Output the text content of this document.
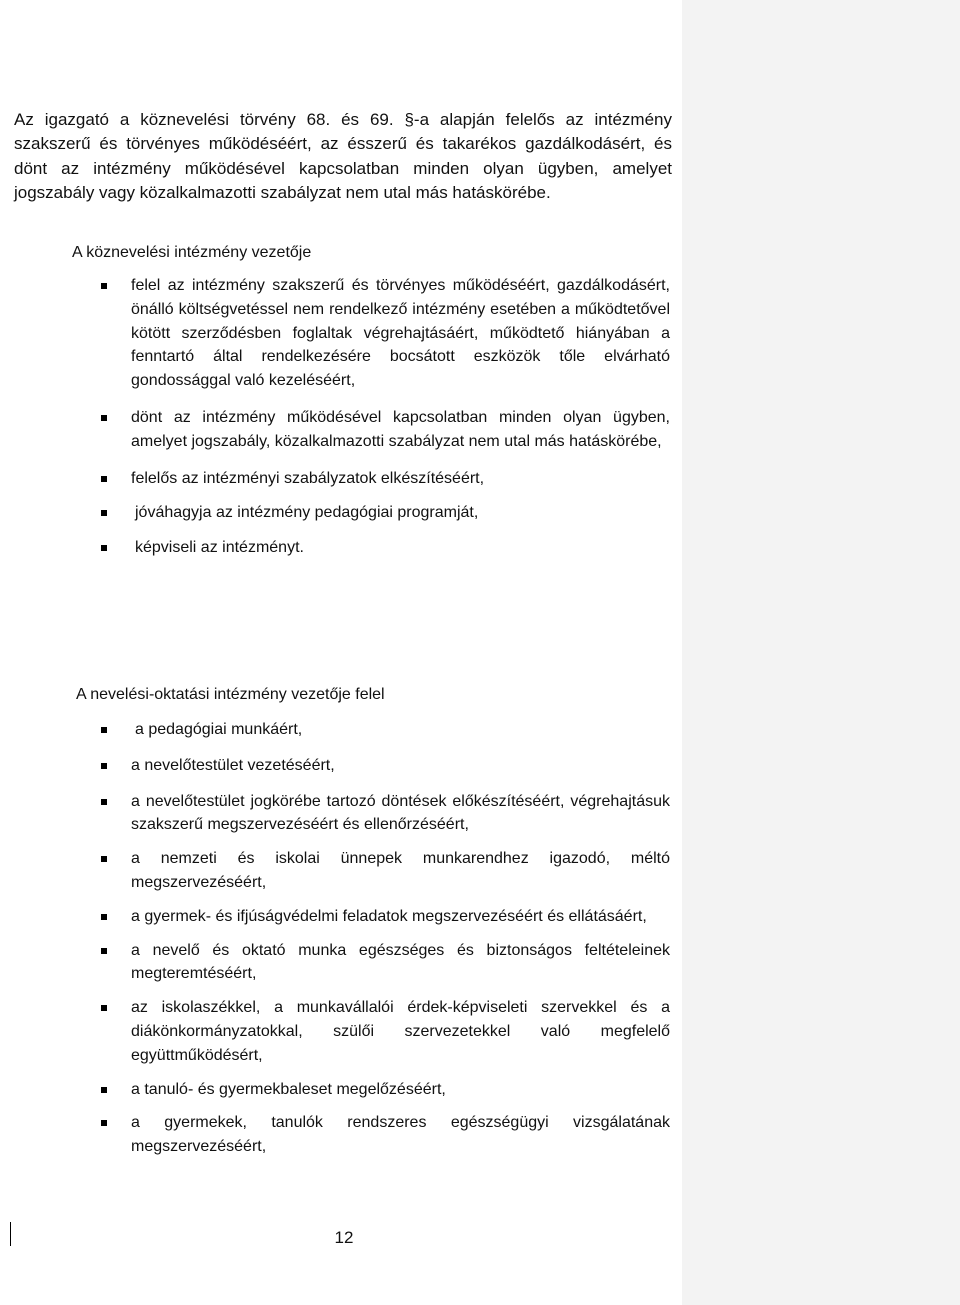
Az igazgató a köznevelési törvény 68. és 69. §-a alapján felelős az intézmény szakszerű és törvényes működéséért, az ésszerű és takarékos gazdálkodásért, és dönt az intézmény működésével kapcsolatban minden olyan ügyben, amelyet jogszabály vagy közalkalmazotti szabályzat nem utal más hatáskörébe.

A köznevelési intézmény vezetője

felel az intézmény szakszerű és törvényes működéséért, gazdálkodásért, önálló költségvetéssel nem rendelkező intézmény esetében a működtetővel kötött szerződésben foglaltak végrehajtásáért, működtető hiányában a fenntartó által rendelkezésére bocsátott eszközök tőle elvárható gondossággal való kezeléséért,
dönt az intézmény működésével kapcsolatban minden olyan ügyben, amelyet jogszabály, közalkalmazotti szabályzat nem utal más hatáskörébe,
felelős az intézményi szabályzatok elkészítéséért,
jóváhagyja az intézmény pedagógiai programját,
képviseli az intézményt.

A nevelési-oktatási intézmény vezetője felel

a pedagógiai munkáért,
a nevelőtestület vezetéséért,
a nevelőtestület jogkörébe tartozó döntések előkészítéséért, végrehajtásuk szakszerű megszervezéséért és ellenőrzéséért,
a nemzeti és iskolai ünnepek munkarendhez igazodó, méltó megszervezéséért,
a gyermek- és ifjúságvédelmi feladatok megszervezéséért és ellátásáért,
a nevelő és oktató munka egészséges és biztonságos feltételeinek megteremtéséért,
az iskolaszékkel, a munkavállalói érdek-képviseleti szervekkel és a diákönkormányzatokkal, szülői szervezetekkel való megfelelő együttműködésért,
a tanuló- és gyermekbaleset megelőzéséért,
a gyermekek, tanulók rendszeres egészségügyi vizsgálatának megszervezéséért,
12
